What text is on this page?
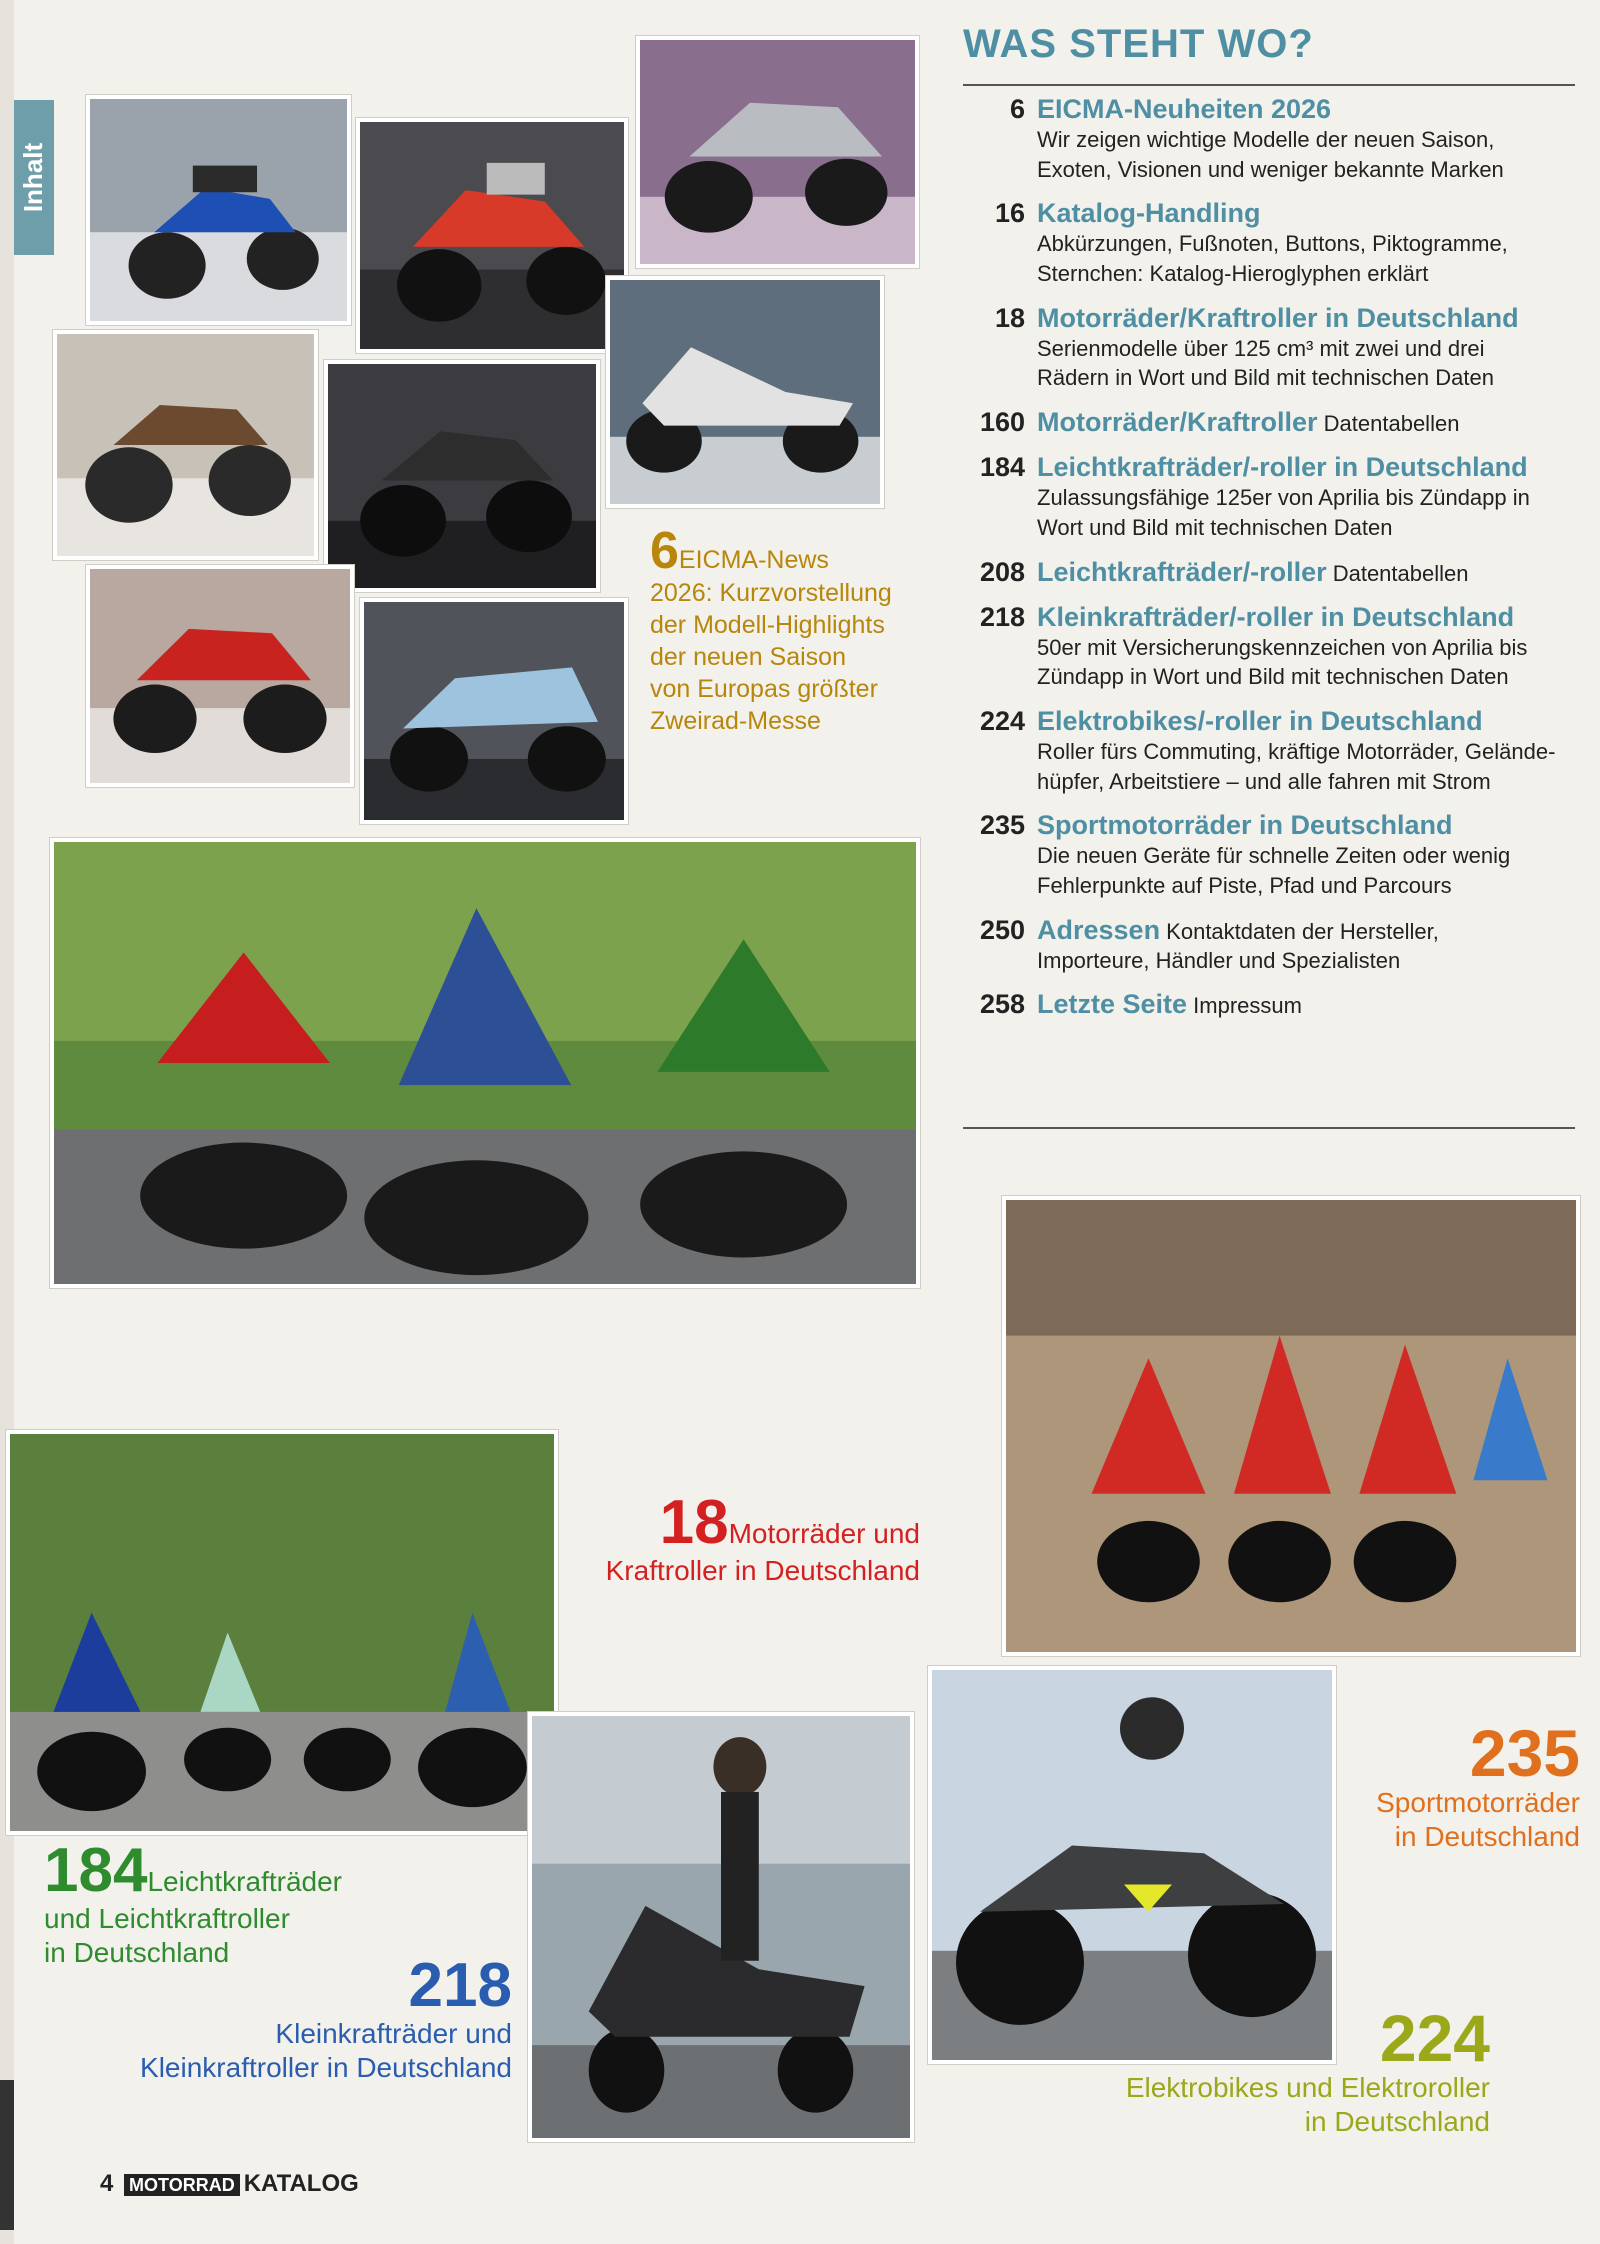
Inhalt
6EICMA-News
2026: Kurzvorstellung
der Modell-Highlights
der neuen Saison
von Europas größter
Zweirad-Messe
18Motorräder und
Kraftroller in Deutschland
184Leichtkrafträder
und Leichtkraftroller
in Deutschland	218
Kleinkrafträder und
Kleinkraftroller in Deutschland
235
Sportmotorräder
in Deutschland
224
Elektrobikes und Elektroroller
in Deutschland
WAS STEHT WO?
6 EICMA-Neuheiten 2026
Wir zeigen wichtige Modelle der neuen Saison,
Exoten, Visionen und weniger bekannte Marken
16 Katalog-Handling
Abkürzungen, Fußnoten, Buttons, Piktogramme,
Sternchen: Katalog-Hieroglyphen erklärt
18 Motorräder/Kraftroller in Deutschland
Serienmodelle über 125 cm³ mit zwei und drei
Rädern in Wort und Bild mit technischen Daten
160 Motorräder/Kraftroller Datentabellen
184 Leichtkrafträder/-roller in Deutschland
Zulassungsfähige 125er von Aprilia bis Zündapp in
Wort und Bild mit technischen Daten
208 Leichtkrafträder/-roller Datentabellen
218 Kleinkrafträder/-roller in Deutschland
50er mit Versicherungskennzeichen von Aprilia bis
Zündapp in Wort und Bild mit technischen Daten
224 Elektrobikes/-roller in Deutschland
Roller fürs Commuting, kräftige Motorräder, Gelände-
hüpfer, Arbeitstiere – und alle fahren mit Strom
235 Sportmotorräder in Deutschland
Die neuen Geräte für schnelle Zeiten oder wenig
Fehlerpunkte auf Piste, Pfad und Parcours
250 Adressen Kontaktdaten der Hersteller,
Importeure, Händler und Spezialisten
258 Letzte Seite Impressum
4 MOTORRAD KATALOG
